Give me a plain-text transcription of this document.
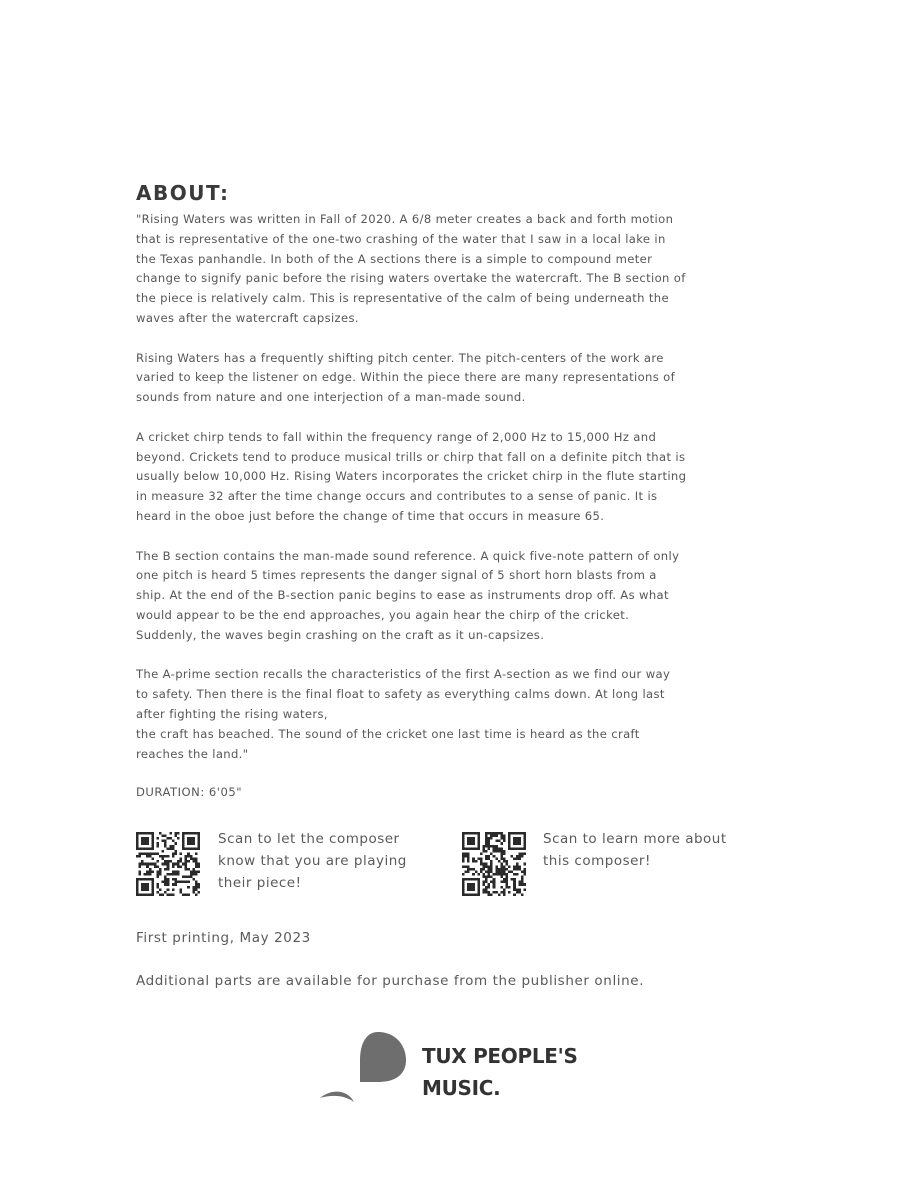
ABOUT:

"Rising Waters was written in Fall of 2020. A 6/8 meter creates a back and forth motion
that is representative of the one-two crashing of the water that I saw in a local lake in
the Texas panhandle. In both of the A sections there is a simple to compound meter
change to signify panic before the rising waters overtake the watercraft. The B section of
the piece is relatively calm. This is representative of the calm of being underneath the
waves after the watercraft capsizes.

Rising Waters has a frequently shifting pitch center. The pitch-centers of the work are
varied to keep the listener on edge. Within the piece there are many representations of
sounds from nature and one interjection of a man-made sound.

A cricket chirp tends to fall within the frequency range of 2,000 Hz to 15,000 Hz and
beyond. Crickets tend to produce musical trills or chirp that fall on a definite pitch that is
usually below 10,000 Hz. Rising Waters incorporates the cricket chirp in the flute starting
in measure 32 after the time change occurs and contributes to a sense of panic. It is
heard in the oboe just before the change of time that occurs in measure 65.

The B section contains the man-made sound reference. A quick five-note pattern of only
one pitch is heard 5 times represents the danger signal of 5 short horn blasts from a
ship. At the end of the B-section panic begins to ease as instruments drop off. As what
would appear to be the end approaches, you again hear the chirp of the cricket.
Suddenly, the waves begin crashing on the craft as it un-capsizes.

The A-prime section recalls the characteristics of the first A-section as we find our way
to safety. Then there is the final float to safety as everything calms down. At long last
after fighting the rising waters,
the craft has beached. The sound of the cricket one last time is heard as the craft
reaches the land."

DURATION: 6'05"
Scan to let the composer
know that you are playing
their piece!
Scan to learn more about
this composer!
First printing, May 2023
Additional parts are available for purchase from the publisher online.
TUX PEOPLE'S
MUSIC.
